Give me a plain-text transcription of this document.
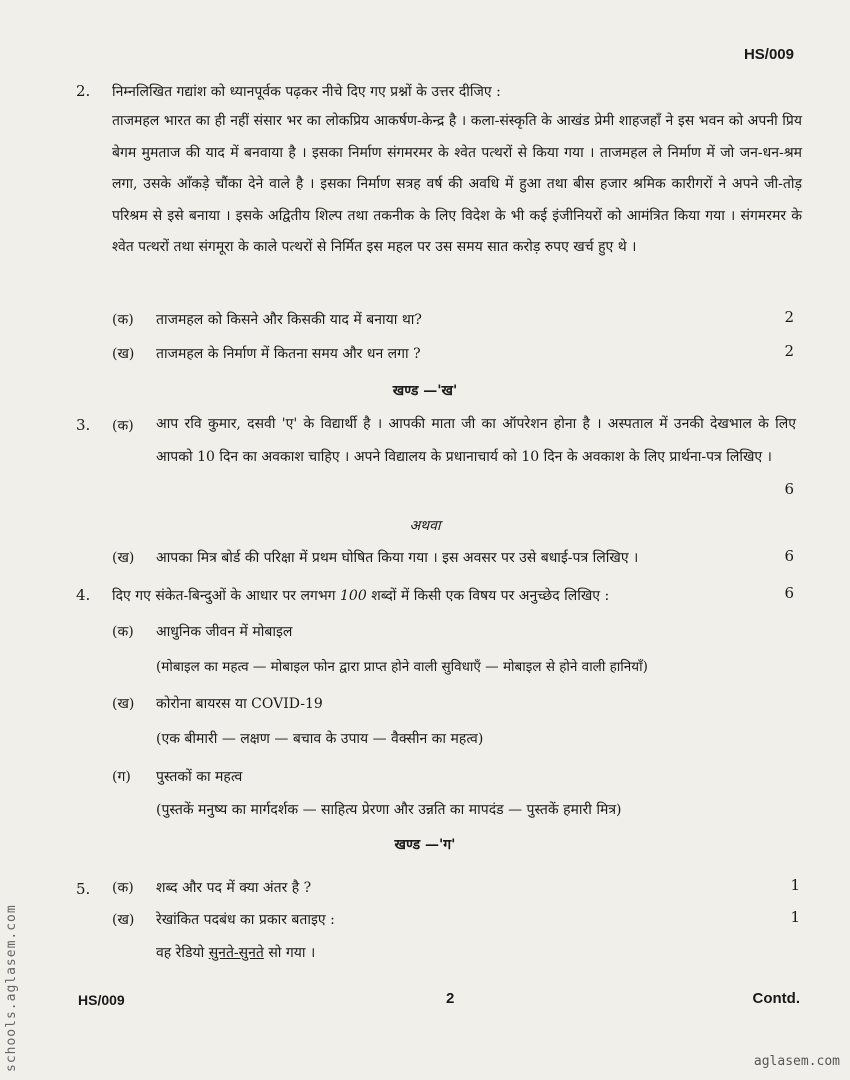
HS/009
2. निम्नलिखित गद्यांश को ध्यानपूर्वक पढ़कर नीचे दिए गए प्रश्नों के उत्तर दीजिए :
ताजमहल भारत का ही नहीं संसार भर का लोकप्रिय आकर्षण-केन्द्र है । कला-संस्कृति के आखंड प्रेमी शाहजहाँ ने इस भवन को अपनी प्रिय बेगम मुमताज की याद में बनवाया है । इसका निर्माण संगमरमर के श्वेत पत्थरों से किया गया । ताजमहल ले निर्माण में जो जन-धन-श्रम लगा, उसके आँकड़े चौंका देने वाले है । इसका निर्माण सत्रह वर्ष की अवधि में हुआ तथा बीस हजार श्रमिक कारीगरों ने अपने जी-तोड़ परिश्रम से इसे बनाया । इसके अद्वितीय शिल्प तथा तकनीक के लिए विदेश के भी कई इंजीनियरों को आमंत्रित किया गया । संगमरमर के श्वेत पत्थरों तथा संगमूरा के काले पत्थरों से निर्मित इस महल पर उस समय सात करोड़ रुपए खर्च हुए थे ।
(क) ताजमहल को किसने और किसकी याद में बनाया था?	2
(ख) ताजमहल के निर्माण में कितना समय और धन लगा ?	2
खण्ड —'ख'
3. (क) आप रवि कुमार, दसवी 'ए' के विद्यार्थी है । आपकी माता जी का ऑपरेशन होना है । अस्पताल में उनकी देखभाल के लिए आपको 10 दिन का अवकाश चाहिए । अपने विद्यालय के प्रधानाचार्य को 10 दिन के अवकाश के लिए प्रार्थना-पत्र लिखिए ।
6
अथवा
(ख) आपका मित्र बोर्ड की परिक्षा में प्रथम घोषित किया गया । इस अवसर पर उसे बधाई-पत्र लिखिए ।	6
4. दिए गए संकेत-बिन्दुओं के आधार पर लगभग 100 शब्दों में किसी एक विषय पर अनुच्छेद लिखिए :	6
(क) आधुनिक जीवन में मोबाइल
(मोबाइल का महत्व — मोबाइल फोन द्वारा प्राप्त होने वाली सुविधाएँ — मोबाइल से होने वाली हानियाँ)
(ख) कोरोना बायरस या COVID-19
(एक बीमारी — लक्षण — बचाव के उपाय — वैक्सीन का महत्व)
(ग) पुस्तकों का महत्व
(पुस्तकें मनुष्य का मार्गदर्शक — साहित्य प्रेरणा और उन्नति का मापदंड — पुस्तकें हमारी मित्र)
खण्ड —'ग'
5. (क) शब्द और पद में क्या अंतर है ?	1
(ख) रेखांकित पदबंध का प्रकार बताइए :	1
वह रेडियो सुनते-सुनते सो गया ।
HS/009	2	Contd.
schools.aglasem.com	aglasem.com
